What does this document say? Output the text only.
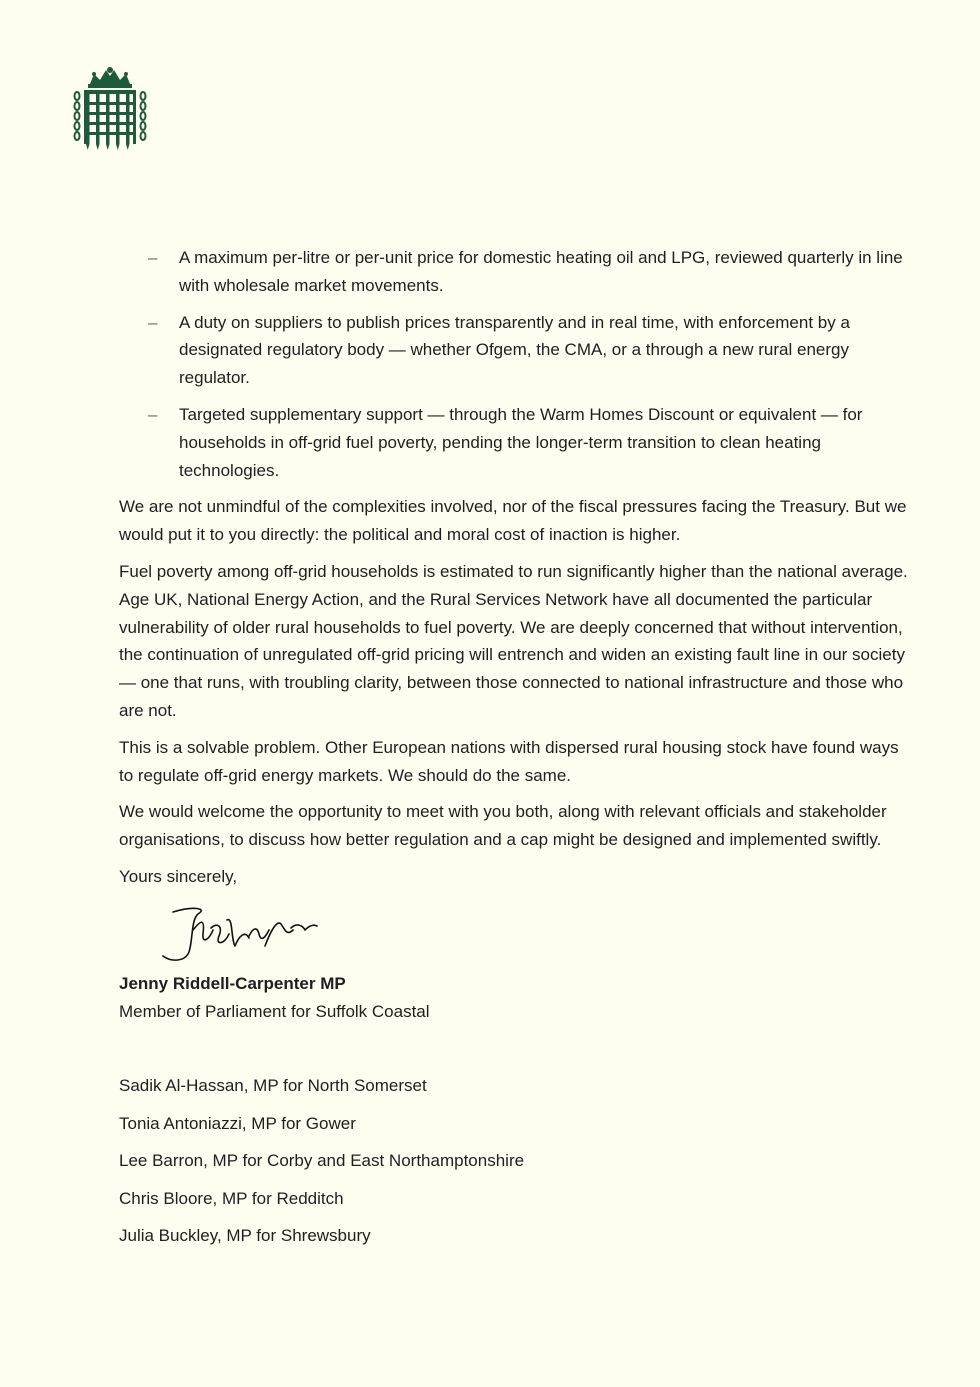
– A maximum per-litre or per-unit price for domestic heating oil and LPG, reviewed quarterly in line with wholesale market movements.
– A duty on suppliers to publish prices transparently and in real time, with enforcement by a designated regulatory body — whether Ofgem, the CMA, or a through a new rural energy regulator.
– Targeted supplementary support — through the Warm Homes Discount or equivalent — for households in off-grid fuel poverty, pending the longer-term transition to clean heating technologies.

We are not unmindful of the complexities involved, nor of the fiscal pressures facing the Treasury. But we would put it to you directly: the political and moral cost of inaction is higher.

Fuel poverty among off-grid households is estimated to run significantly higher than the national average. Age UK, National Energy Action, and the Rural Services Network have all documented the particular vulnerability of older rural households to fuel poverty. We are deeply concerned that without intervention, the continuation of unregulated off-grid pricing will entrench and widen an existing fault line in our society — one that runs, with troubling clarity, between those connected to national infrastructure and those who are not.

This is a solvable problem. Other European nations with dispersed rural housing stock have found ways to regulate off-grid energy markets. We should do the same.

We would welcome the opportunity to meet with you both, along with relevant officials and stakeholder organisations, to discuss how better regulation and a cap might be designed and implemented swiftly.

Yours sincerely,

Jenny Riddell-Carpenter MP

Member of Parliament for Suffolk Coastal

Sadik Al-Hassan, MP for North Somerset
Tonia Antoniazzi, MP for Gower
Lee Barron, MP for Corby and East Northamptonshire
Chris Bloore, MP for Redditch
Julia Buckley, MP for Shrewsbury
